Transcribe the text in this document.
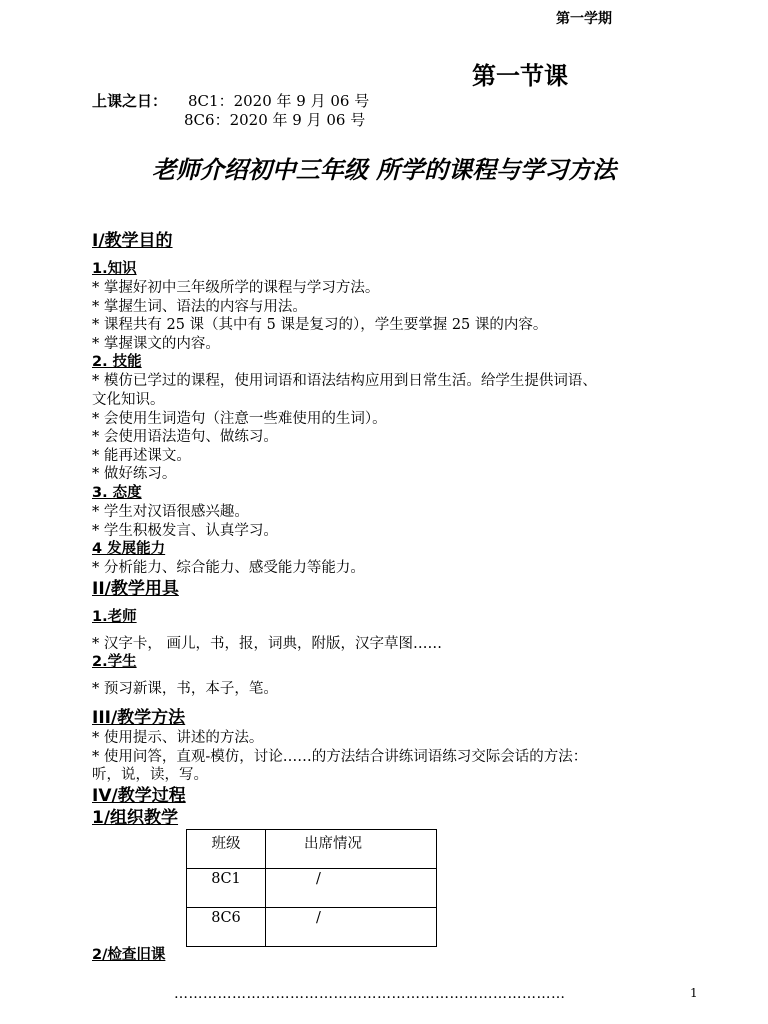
第一学期
第一节课
上课之日： 8C1：2020 年 9 月 06 号
8C6：2020 年 9 月 06 号
老师介绍初中三年级 所学的课程与学习方法

I/教学目的

1.知识

* 掌握好初中三年级所学的课程与学习方法。

* 掌握生词、语法的内容与用法。

* 课程共有 25 课（其中有 5 课是复习的），学生要掌握 25 课的内容。

* 掌握课文的内容。

2. 技能

* 模仿已学过的课程，使用词语和语法结构应用到日常生活。给学生提供词语、

文化知识。

* 会使用生词造句（注意一些难使用的生词）。

* 会使用语法造句、做练习。

* 能再述课文。

* 做好练习。

3. 态度

* 学生对汉语很感兴趣。

* 学生积极发言、认真学习。

4 发展能力

* 分析能力、综合能力、感受能力等能力。

II/教学用具

1.老师

* 汉字卡， 画儿，书，报，词典，附版，汉字草图……

2.学生

* 预习新课，书，本子，笔。

III/教学方法

* 使用提示、讲述的方法。

* 使用问答，直观-模仿，讨论……的方法结合讲练词语练习交际会话的方法：

听，说，读，写。

IV/教学过程

1/组织教学

班级	出席情况
8C1	/
8C6	/
2/检查旧课
………………………………………………………………………	1
